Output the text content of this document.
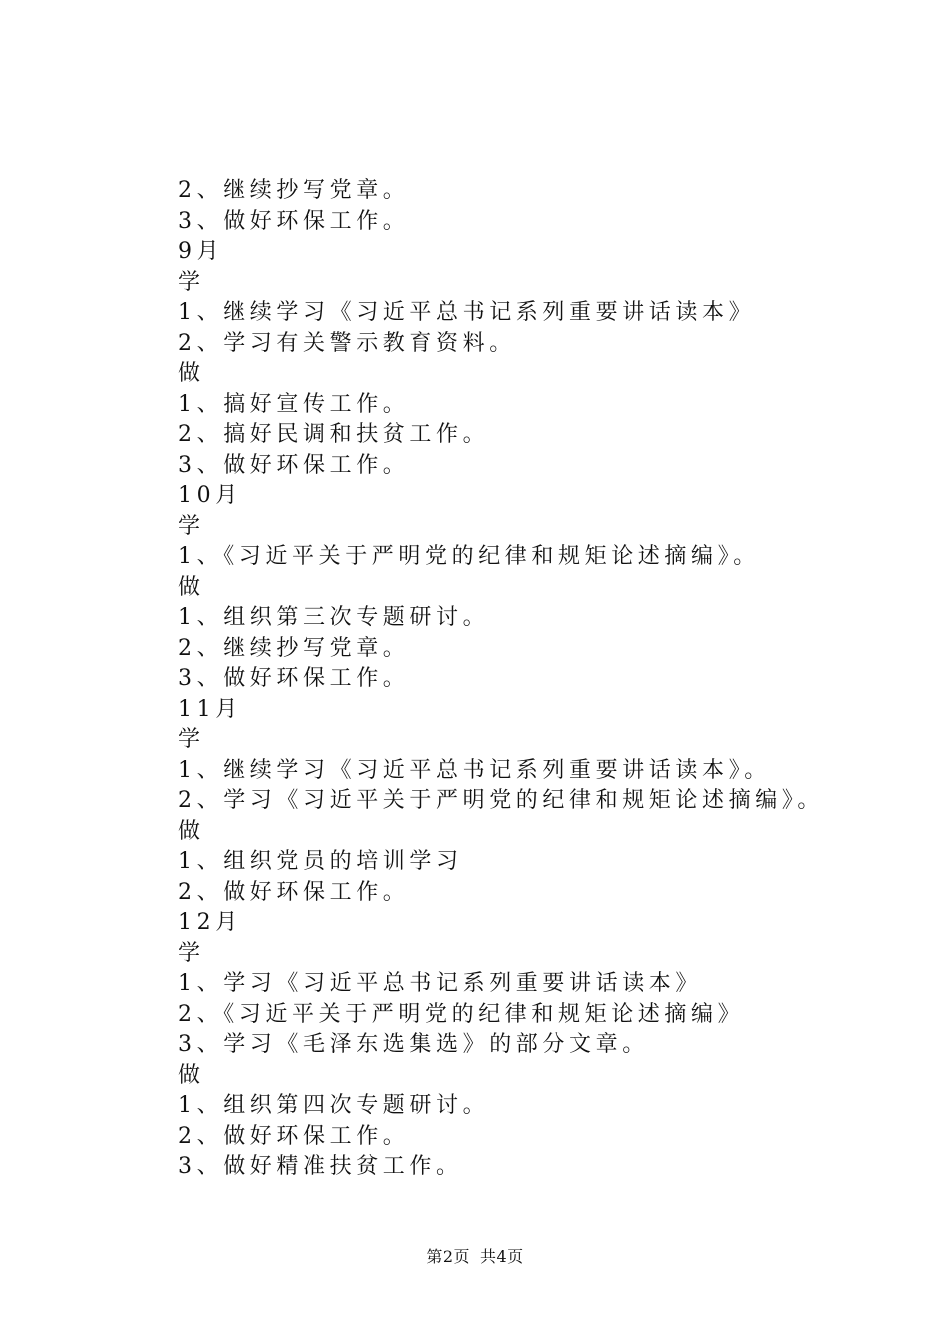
2、继续抄写党章。
3、做好环保工作。
9月
学
1、继续学习《习近平总书记系列重要讲话读本》
2、学习有关警示教育资料。
做
1、搞好宣传工作。
2、搞好民调和扶贫工作。
3、做好环保工作。
10月
学
1、《习近平关于严明党的纪律和规矩论述摘编》。
做
1、组织第三次专题研讨。
2、继续抄写党章。
3、做好环保工作。
11月
学
1、继续学习《习近平总书记系列重要讲话读本》。
2、学习《习近平关于严明党的纪律和规矩论述摘编》。
做
1、组织党员的培训学习
2、做好环保工作。
12月
学
1、学习《习近平总书记系列重要讲话读本》
2、《习近平关于严明党的纪律和规矩论述摘编》
3、学习《毛泽东选集选》的部分文章。
做
1、组织第四次专题研讨。
2、做好环保工作。
3、做好精准扶贫工作。
第2页 共4页
